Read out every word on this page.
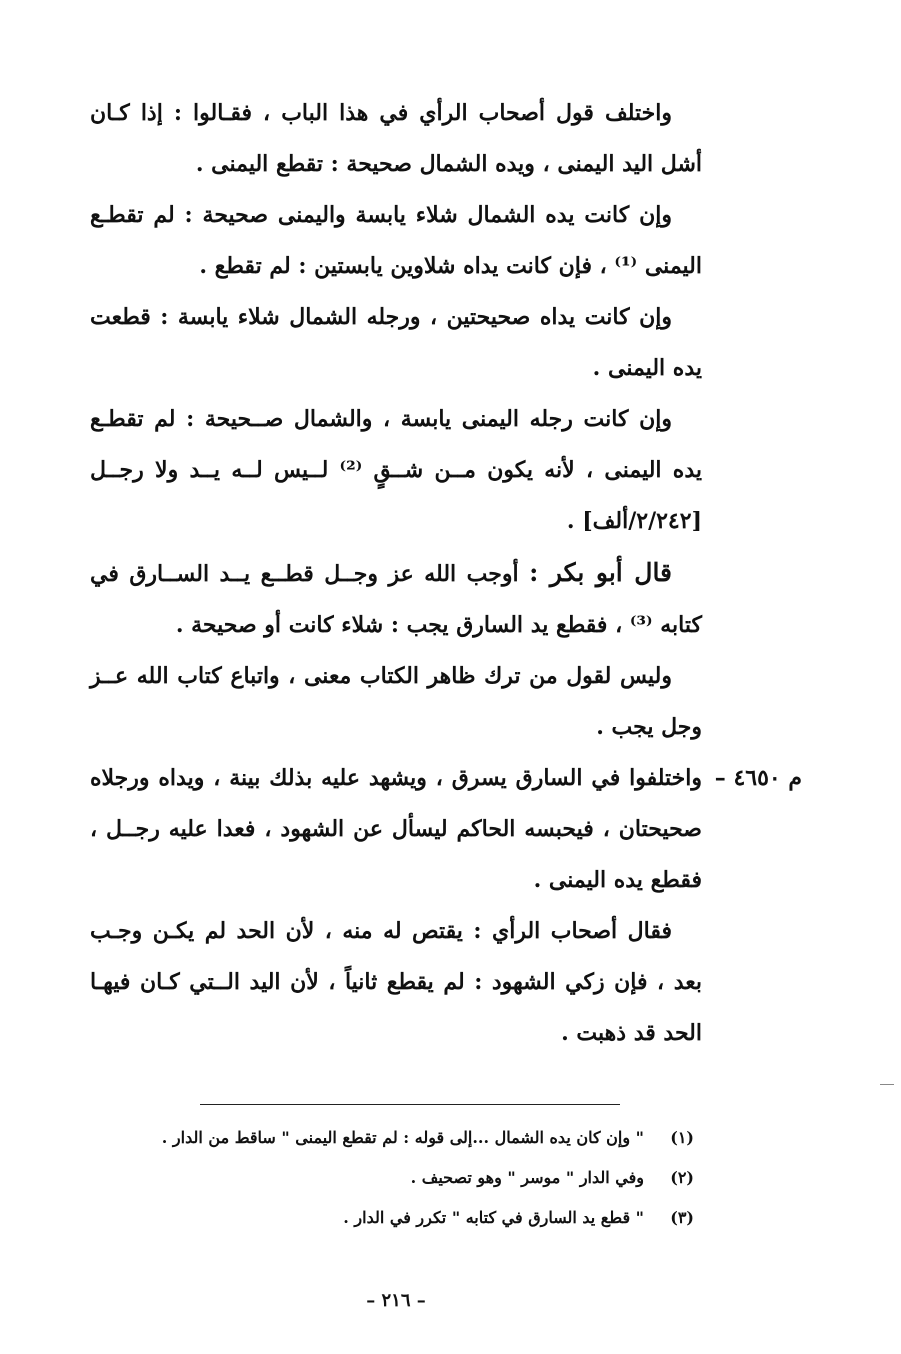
واختلف قول أصحاب الرأي في هذا الباب ، فقـالوا : إذا كـان أشل اليد اليمنى ، ويده الشمال صحيحة : تقطع اليمنى .

وإن كانت يده الشمال شلاء يابسة واليمنى صحيحة : لم تقطـع اليمنى ⁽¹⁾ ، فإن كانت يداه شلاوين يابستين : لم تقطع .

وإن كانت يداه صحيحتين ، ورجله الشمال شلاء يابسة : قطعت يده اليمنى .

وإن كانت رجله اليمنى يابسة ، والشمال صــحيحة : لم تقطـع يده اليمنى ، لأنه يكون مــن شــقٍ ⁽²⁾ لــيس لــه يــد ولا رجــل [٢/٢٤٢/ألف] .

قال أبو بكر : أوجب الله عز وجــل قطــع يــد الســارق في كتابه ⁽³⁾ ، فقطع يد السارق يجب : شلاء كانت أو صحيحة .

وليس لقول من ترك ظاهر الكتاب معنى ، واتباع كتاب الله عــز وجل يجب .

م ٤٦٥٠ –
واختلفوا في السارق يسرق ، ويشهد عليه بذلك بينة ، ويداه ورجلاه صحيحتان ، فيحبسه الحاكم ليسأل عن الشهود ، فعدا عليه رجــل ، فقطع يده اليمنى .

فقال أصحاب الرأي : يقتص له منه ، لأن الحد لم يكـن وجـب بعد ، فإن زكي الشهود : لم يقطع ثانياً ، لأن اليد الــتي كـان فيهـا الحد قد ذهبت .

(١)
" وإن كان يده الشمال ...إلى قوله : لم تقطع اليمنى " ساقط من الدار .
(٢)
وفي الدار " موسر " وهو تصحيف .
(٣)
" قطع يد السارق في كتابه " تكرر في الدار .
– ٢١٦ –
